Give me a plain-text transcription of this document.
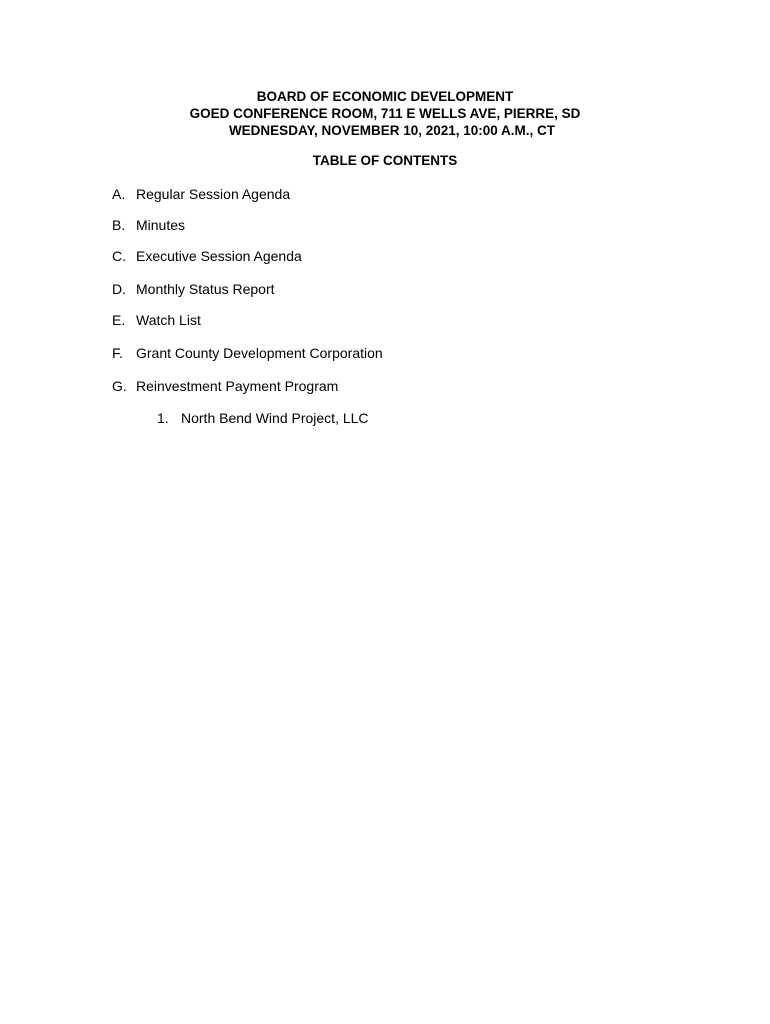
BOARD OF ECONOMIC DEVELOPMENT
GOED CONFERENCE ROOM, 711 E WELLS AVE, PIERRE, SD
WEDNESDAY, NOVEMBER 10, 2021, 10:00 A.M., CT
TABLE OF CONTENTS
A. Regular Session Agenda
B. Minutes
C. Executive Session Agenda
D. Monthly Status Report
E. Watch List
F. Grant County Development Corporation
G. Reinvestment Payment Program
1. North Bend Wind Project, LLC
